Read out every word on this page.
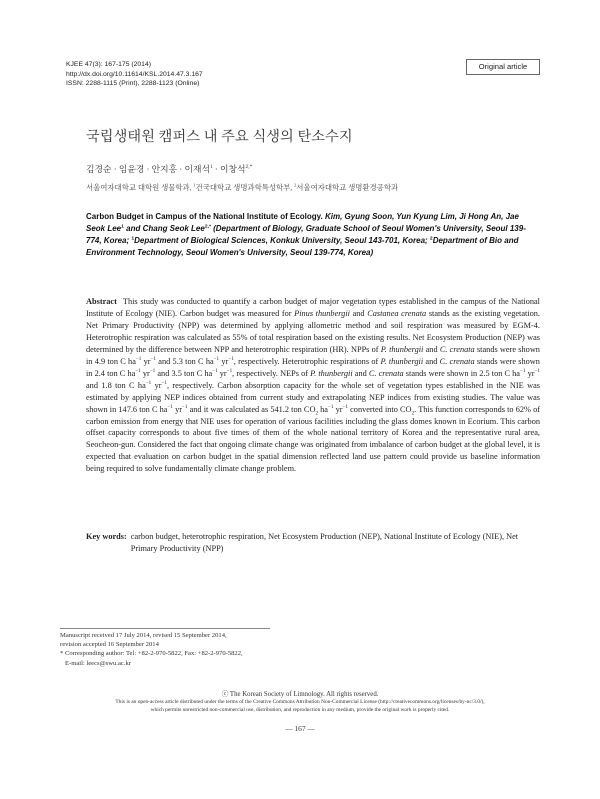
KJEE 47(3): 167-175 (2014)
http://dx.doi.org/10.11614/KSL.2014.47.3.167
ISSN: 2288-1115 (Print), 2288-1123 (Online)
Original article
국립생태원 캠퍼스 내 주요 식생의 탄소수지
김경순 · 임윤경 · 안지홍 · 이재석$^1$ · 이창석$^{2,*}$
서울여자대학교 대학원 생물학과, $^1$건국대학교 생명과학특성학부, $^2$서울여자대학교 생명환경공학과
Carbon Budget in Campus of the National Institute of Ecology. Kim, Gyung Soon, Yun Kyung Lim, Ji Hong An, Jae Seok Lee$^1$ and Chang Seok Lee$^{2,*}$ (Department of Biology, Graduate School of Seoul Women's University, Seoul 139-774, Korea; $^1$Department of Biological Sciences, Konkuk University, Seoul 143-701, Korea; $^2$Department of Bio and Environment Technology, Seoul Women's University, Seoul 139-774, Korea)
Abstract This study was conducted to quantify a carbon budget of major vegetation types established in the campus of the National Institute of Ecology (NIE). Carbon budget was measured for Pinus thunbergii and Castanea crenata stands as the existing vegetation. Net Primary Productivity (NPP) was determined by applying allometric method and soil respiration was measured by EGM-4. Heterotrophic respiration was calculated as 55% of total respiration based on the existing results. Net Ecosystem Production (NEP) was determined by the difference between NPP and heterotrophic respiration (HR). NPPs of P. thunbergii and C. crenata stands were shown in 4.9 ton C $ha^{-1}$ $yr^{-1}$ and 5.3 ton C $ha^{-1}$ $yr^{-1}$, respectively. Heterotrophic respirations of P. thunbergii and C. crenata stands were shown in 2.4 ton C $ha^{-1}$ $yr^{-1}$ and 3.5 ton C $ha^{-1}$ $yr^{-1}$, respectively. NEPs of P. thunbergii and C. crenata stands were shown in 2.5 ton C $ha^{-1}$ $yr^{-1}$ and 1.8 ton C $ha^{-1}$ $yr^{-1}$, respectively. Carbon absorption capacity for the whole set of vegetation types established in the NIE was estimated by applying NEP indices obtained from current study and extrapolating NEP indices from existing studies. The value was shown in 147.6 ton C $ha^{-1}$ $yr^{-1}$ and it was calculated as 541.2 ton $CO_2$ $ha^{-1}$ $yr^{-1}$ converted into $CO_2$. This function corresponds to 62% of carbon emission from energy that NIE uses for operation of various facilities including the glass domes known in Ecorium. This carbon offset capacity corresponds to about five times of them of the whole national territory of Korea and the representative rural area, Seocheon-gun. Considered the fact that ongoing climate change was originated from imbalance of carbon budget at the global level, it is expected that evaluation on carbon budget in the spatial dimension reflected land use pattern could provide us baseline information being required to solve fundamentally climate change problem.
Key words: carbon budget, heterotrophic respiration, Net Ecosystem Production (NEP), National Institute of Ecology (NIE), Net Primary Productivity (NPP)
Manuscript received 17 July 2014, revised 15 September 2014,
revision accepted 16 September 2014
* Corresponding author: Tel: +82-2-970-5822, Fax: +82-2-970-5822,
E-mail: leecs@swu.ac.kr
ⓒ The Korean Society of Limnology. All rights reserved.
This is an open-access article distributed under the terms of the Creative Commons Attribution Non-Commercial License (http://creativecommons.org/licenses/by-nc/3.0/),
which permits unrestricted non-commercial use, distribution, and reproduction in any medium, provide the original work is properly cited.
— 167 —
